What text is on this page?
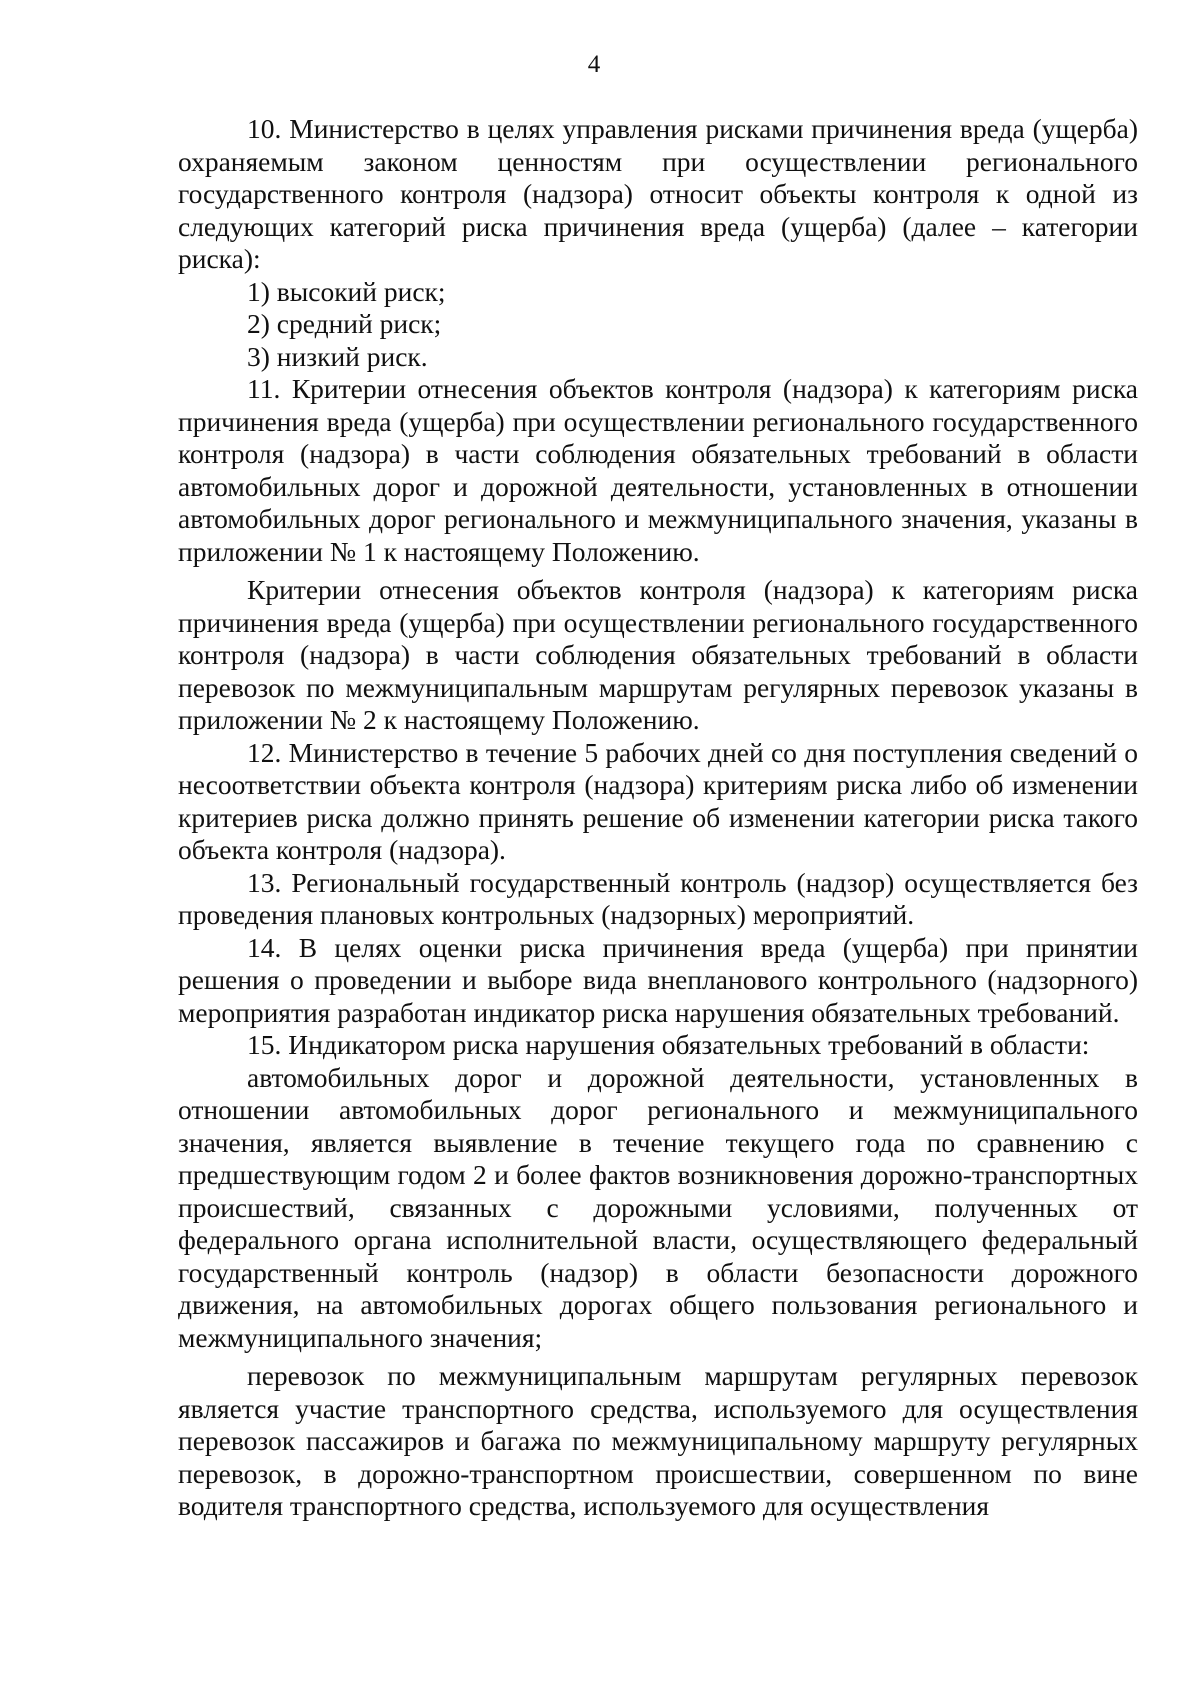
4

10. Министерство в целях управления рисками причинения вреда (ущерба) охраняемым законом ценностям при осуществлении регионального государственного контроля (надзора) относит объекты контроля к одной из следующих категорий риска причинения вреда (ущерба) (далее – категории риска):

1) высокий риск;

2) средний риск;

3) низкий риск.

11. Критерии отнесения объектов контроля (надзора) к категориям риска причинения вреда (ущерба) при осуществлении регионального государственного контроля (надзора) в части соблюдения обязательных требований в области автомобильных дорог и дорожной деятельности, установленных в отношении автомобильных дорог регионального и межмуниципального значения, указаны в приложении № 1 к настоящему Положению.

Критерии отнесения объектов контроля (надзора) к категориям риска причинения вреда (ущерба) при осуществлении регионального государственного контроля (надзора) в части соблюдения обязательных требований в области перевозок по межмуниципальным маршрутам регулярных перевозок указаны в приложении № 2 к настоящему Положению.

12. Министерство в течение 5 рабочих дней со дня поступления сведений о несоответствии объекта контроля (надзора) критериям риска либо об изменении критериев риска должно принять решение об изменении категории риска такого объекта контроля (надзора).

13. Региональный государственный контроль (надзор) осуществляется без проведения плановых контрольных (надзорных) мероприятий.

14. В целях оценки риска причинения вреда (ущерба) при принятии решения о проведении и выборе вида внепланового контрольного (надзорного) мероприятия разработан индикатор риска нарушения обязательных требований.

15. Индикатором риска нарушения обязательных требований в области:

автомобильных дорог и дорожной деятельности, установленных в отношении автомобильных дорог регионального и межмуниципального значения, является выявление в течение текущего года по сравнению с предшествующим годом 2 и более фактов возникновения дорожно-транспортных происшествий, связанных с дорожными условиями, полученных от федерального органа исполнительной власти, осуществляющего федеральный государственный контроль (надзор) в области безопасности дорожного движения, на автомобильных дорогах общего пользования регионального и межмуниципального значения;

перевозок по межмуниципальным маршрутам регулярных перевозок является участие транспортного средства, используемого для осуществления перевозок пассажиров и багажа по межмуниципальному маршруту регулярных перевозок, в дорожно-транспортном происшествии, совершенном по вине водителя транспортного средства, используемого для осуществления
